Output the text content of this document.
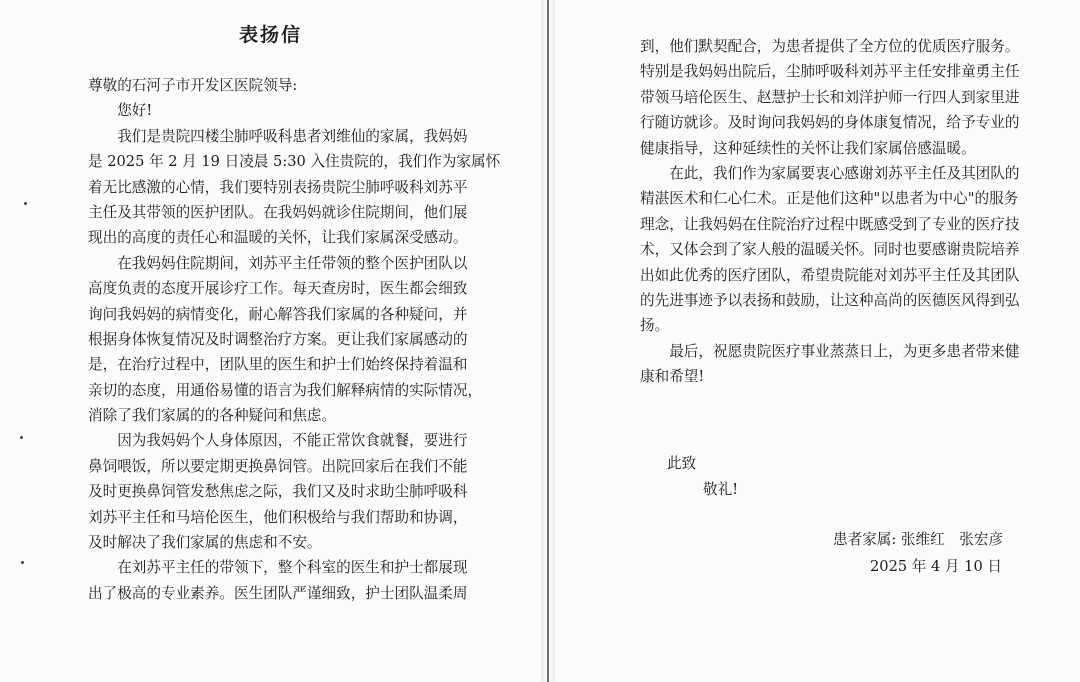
表扬信
尊敬的石河子市开发区医院领导:
　　您好!
　　我们是贵院四楼尘肺呼吸科患者刘维仙的家属，我妈妈
是 2025 年 2 月 19 日凌晨 5:30 入住贵院的，我们作为家属怀
着无比感激的心情，我们要特别表扬贵院尘肺呼吸科刘苏平
主任及其带领的医护团队。在我妈妈就诊住院期间，他们展
现出的高度的责任心和温暖的关怀，让我们家属深受感动。
　　在我妈妈住院期间，刘苏平主任带领的整个医护团队以
高度负责的态度开展诊疗工作。每天查房时，医生都会细致
询问我妈妈的病情变化，耐心解答我们家属的各种疑问，并
根据身体恢复情况及时调整治疗方案。更让我们家属感动的
是，在治疗过程中，团队里的医生和护士们始终保持着温和
亲切的态度，用通俗易懂的语言为我们解释病情的实际情况，
消除了我们家属的的各种疑问和焦虑。
　　因为我妈妈个人身体原因，不能正常饮食就餐，要进行
鼻饲喂饭，所以要定期更换鼻饲管。出院回家后在我们不能
及时更换鼻饲管发愁焦虑之际，我们又及时求助尘肺呼吸科
刘苏平主任和马培伦医生，他们积极给与我们帮助和协调，
及时解决了我们家属的焦虑和不安。
　　在刘苏平主任的带领下，整个科室的医生和护士都展现
出了极高的专业素养。医生团队严谨细致，护士团队温柔周
到，他们默契配合，为患者提供了全方位的优质医疗服务。
特别是我妈妈出院后，尘肺呼吸科刘苏平主任安排童勇主任
带领马培伦医生、赵慧护士长和刘洋护师一行四人到家里进
行随访就诊。及时询问我妈妈的身体康复情况，给予专业的
健康指导，这种延续性的关怀让我们家属倍感温暖。
　　在此，我们作为家属要衷心感谢刘苏平主任及其团队的
精湛医术和仁心仁术。正是他们这种"以患者为中心"的服务
理念，让我妈妈在住院治疗过程中既感受到了专业的医疗技
术，又体会到了家人般的温暖关怀。同时也要感谢贵院培养
出如此优秀的医疗团队，希望贵院能对刘苏平主任及其团队
的先进事迹予以表扬和鼓励，让这种高尚的医德医风得到弘
扬。
　　最后，祝愿贵院医疗事业蒸蒸日上，为更多患者带来健
康和希望!

此致

敬礼!

患者家属: 张维红　张宏彦

2025 年 4 月 10 日
